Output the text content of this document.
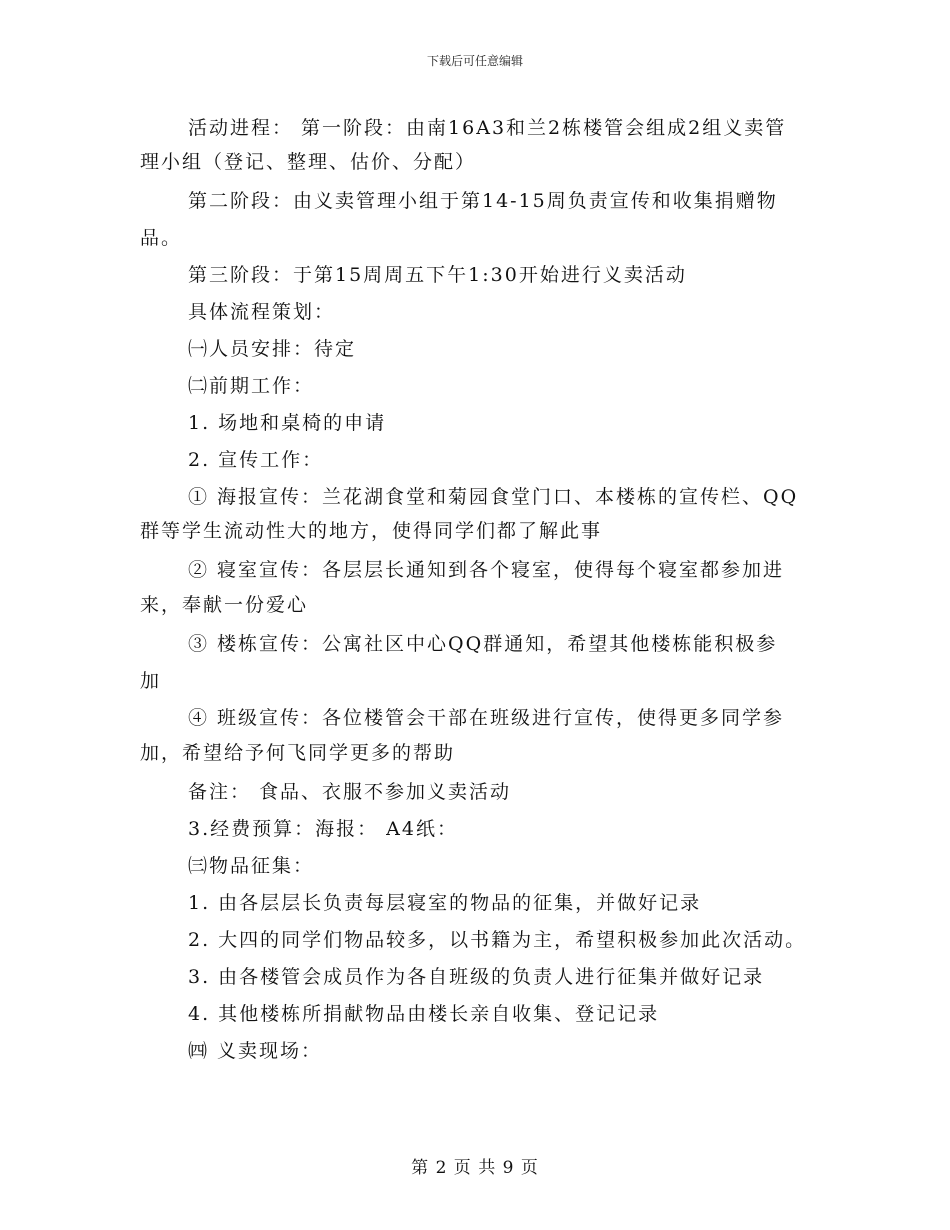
下载后可任意编辑
活动进程： 第一阶段：由南16A3和兰2栋楼管会组成2组义卖管
理小组（登记、整理、估价、分配）
第二阶段：由义卖管理小组于第14-15周负责宣传和收集捐赠物
品。
第三阶段：于第15周周五下午1:30开始进行义卖活动
具体流程策划：
㈠人员安排：待定
㈡前期工作：
1. 场地和桌椅的申请
2. 宣传工作：
① 海报宣传：兰花湖食堂和菊园食堂门口、本楼栋的宣传栏、QQ
群等学生流动性大的地方，使得同学们都了解此事
② 寝室宣传：各层层长通知到各个寝室，使得每个寝室都参加进
来，奉献一份爱心
③ 楼栋宣传：公寓社区中心QQ群通知，希望其他楼栋能积极参
加
④ 班级宣传：各位楼管会干部在班级进行宣传，使得更多同学参
加，希望给予何飞同学更多的帮助
备注： 食品、衣服不参加义卖活动
3.经费预算：海报： A4纸：
㈢物品征集：
1. 由各层层长负责每层寝室的物品的征集，并做好记录
2. 大四的同学们物品较多，以书籍为主，希望积极参加此次活动。
3. 由各楼管会成员作为各自班级的负责人进行征集并做好记录
4. 其他楼栋所捐献物品由楼长亲自收集、登记记录
㈣ 义卖现场：
第 2 页 共 9 页
